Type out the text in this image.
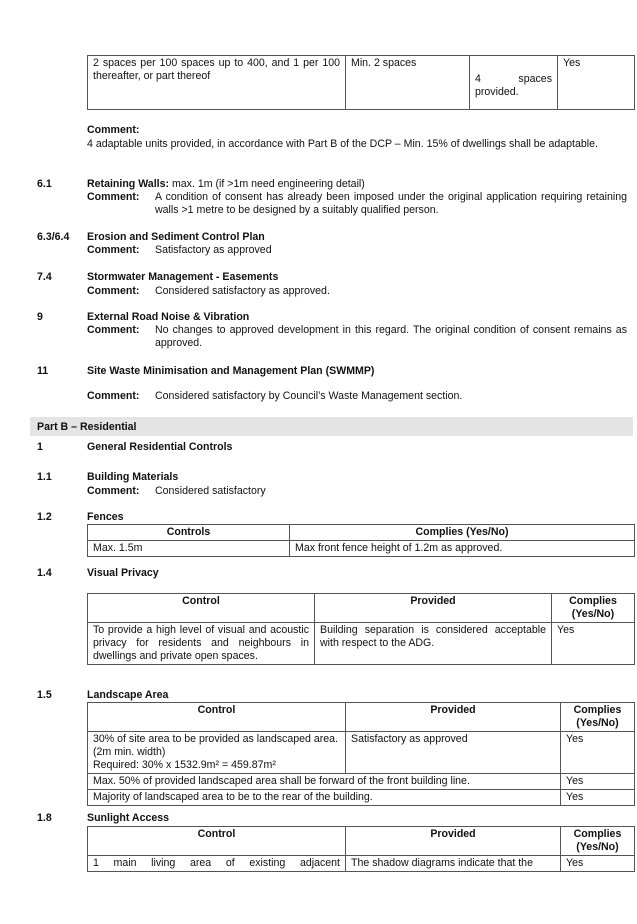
2 spaces per 100 spaces up to 400, and 1 per 100 thereafter, or part thereof	Min. 2 spaces	4 spaces provided.	Yes
Comment:
4 adaptable units provided, in accordance with Part B of the DCP – Min. 15% of dwellings shall be adaptable.
6.1	Retaining Walls: max. 1m (if >1m need engineering detail)
Comment: A condition of consent has already been imposed under the original application requiring retaining walls >1 metre to be designed by a suitably qualified person.
6.3/6.4 Erosion and Sediment Control Plan
Comment: Satisfactory as approved
7.4	Stormwater Management - Easements
Comment: Considered satisfactory as approved.
9	External Road Noise & Vibration
Comment: No changes to approved development in this regard. The original condition of consent remains as approved.
11	Site Waste Minimisation and Management Plan (SWMMP)
Comment: Considered satisfactory by Council’s Waste Management section.
Part B – Residential
1	General Residential Controls
1.1	Building Materials
Comment: Considered satisfactory
1.2	Fences
Controls	Complies (Yes/No)
Max. 1.5m	Max front fence height of 1.2m as approved.
1.4	Visual Privacy
Control	Provided	Complies (Yes/No)
To provide a high level of visual and acoustic privacy for residents and neighbours in dwellings and private open spaces.	Building separation is considered acceptable with respect to the ADG.	Yes
1.5	Landscape Area
Control	Provided	Complies (Yes/No)

30% of site area to be provided as landscaped area.(2m min. width)
Required: 30% x 1532.9m² = 459.87m²	Satisfactory as approved	Yes
Max. 50% of provided landscaped area shall be forward of the front building line.		Yes
Majority of landscaped area to be to the rear of the building.		Yes
1.8	Sunlight Access
Control	Provided	Complies (Yes/No)
1 main living area of existing adjacent	The shadow diagrams indicate that the	Yes
